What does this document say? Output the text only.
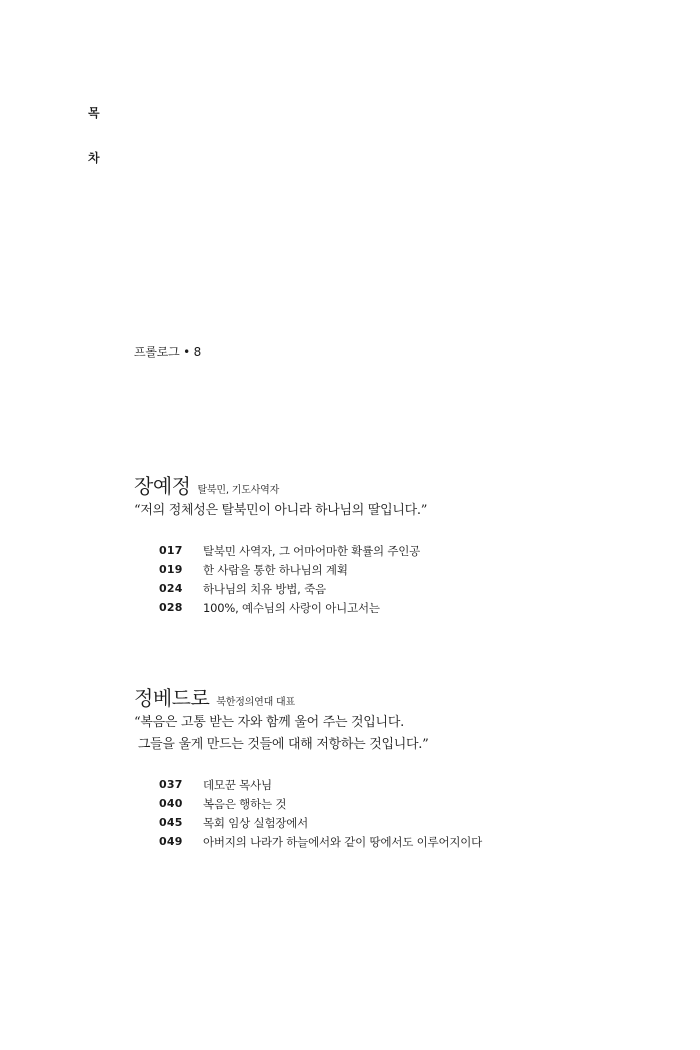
목
차
프롤로그 • 8
장예정 탈북민, 기도사역자
“저의 정체성은 탈북민이 아니라 하나님의 딸입니다.”
017	탈북민 사역자, 그 어마어마한 확률의 주인공
019	한 사람을 통한 하나님의 계획
024	하나님의 치유 방법, 죽음
028	100%, 예수님의 사랑이 아니고서는
정베드로 북한정의연대 대표
“복음은 고통 받는 자와 함께 울어 주는 것입니다.
그들을 울게 만드는 것들에 대해 저항하는 것입니다.”
037	데모꾼 목사님
040	복음은 행하는 것
045	목회 임상 실험장에서
049	아버지의 나라가 하늘에서와 같이 땅에서도 이루어지이다
